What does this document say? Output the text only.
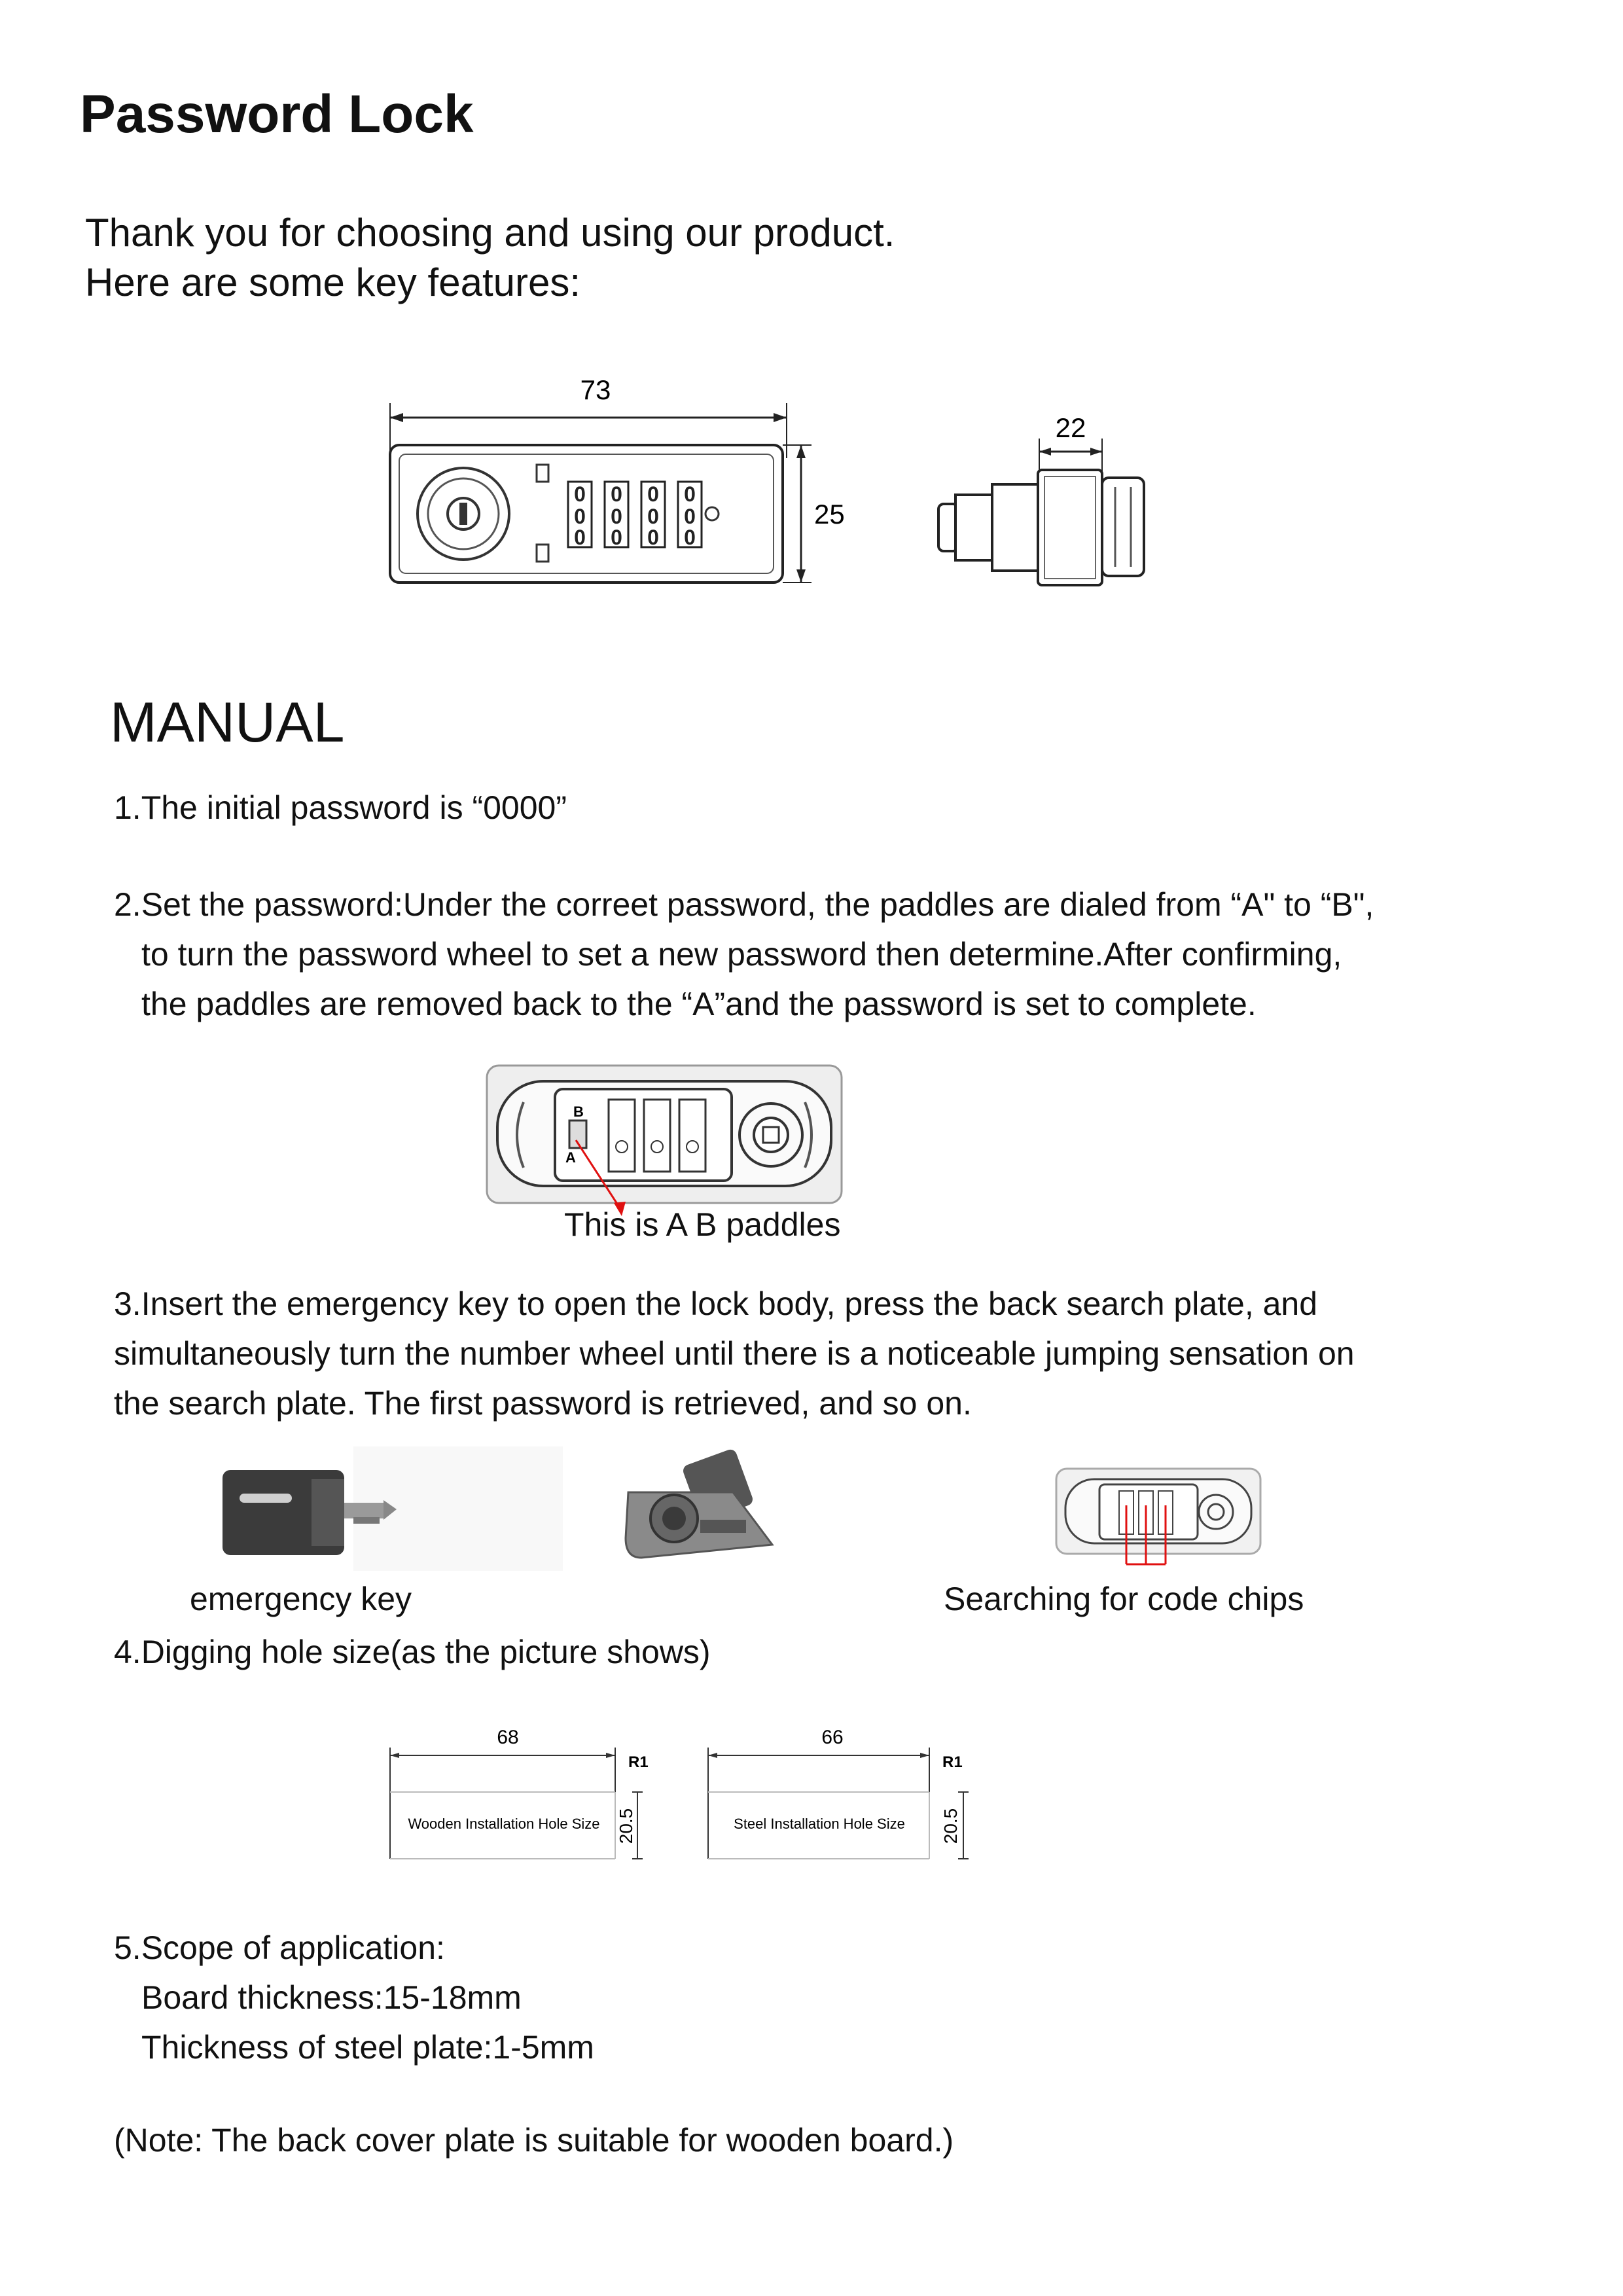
Password Lock
Thank you for choosing and using our product.
Here are some key features:
73
0
0
0
0
0
0
0
0
0
0
0
0
25
22
MANUAL
1.The initial password is “0000”
2.Set the password:Under the correet password, the paddles are dialed from “A" to “B",
to turn the password wheel to set a new password then determine.After confirming,
the paddles are removed back to the “A”and the password is set to complete.
B
A
This is A B paddles
3.Insert the emergency key to open the lock body, press the back search plate, and
simultaneously turn the number wheel until there is a noticeable jumping sensation on
the search plate. The first password is retrieved, and so on.
emergency key	Searching for code chips
4.Digging hole size(as the picture shows)
68
R1
Wooden Installation Hole Size 20.5
66
R1
Steel Installation Hole Size 20.5
5.Scope of application:
Board thickness:15-18mm
Thickness of steel plate:1-5mm
(Note: The back cover plate is suitable for wooden board.)
